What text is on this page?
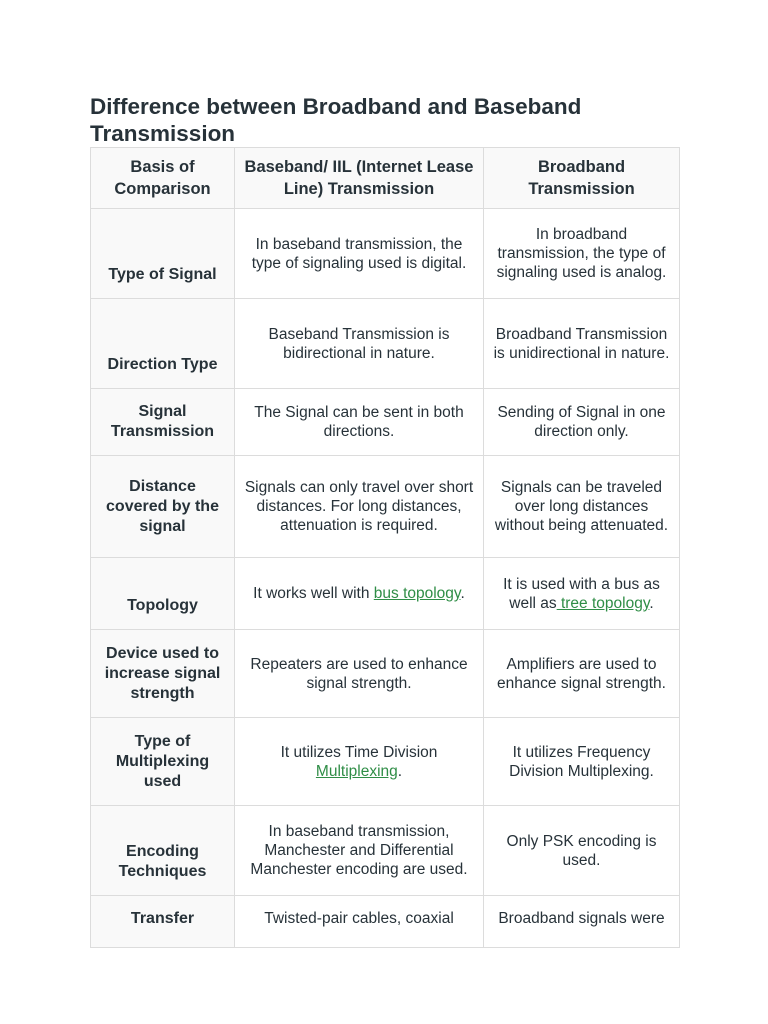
Difference between Broadband and Baseband Transmission
Basis of Comparison	Baseband/ IIL (Internet Lease Line) Transmission	Broadband Transmission
Type of Signal	In baseband transmission, the type of signaling used is digital.	In broadband transmission, the type of signaling used is analog.
Direction Type	Baseband Transmission is bidirectional in nature.	Broadband Transmission is unidirectional in nature.
Signal Transmission	The Signal can be sent in both directions.	Sending of Signal in one direction only.
Distance covered by the signal	Signals can only travel over short distances. For long distances, attenuation is required.	Signals can be traveled over long distances without being attenuated.
Topology	It works well with bus topology.	It is used with a bus as well as tree topology.
Device used to increase signal strength	Repeaters are used to enhance signal strength.	Amplifiers are used to enhance signal strength.
Type of Multiplexing used	It utilizes Time Division Multiplexing.	It utilizes Frequency Division Multiplexing.
Encoding Techniques	In baseband transmission, Manchester and Differential Manchester encoding are used.	Only PSK encoding is used.
Transfer	Twisted-pair cables, coaxial	Broadband signals were
